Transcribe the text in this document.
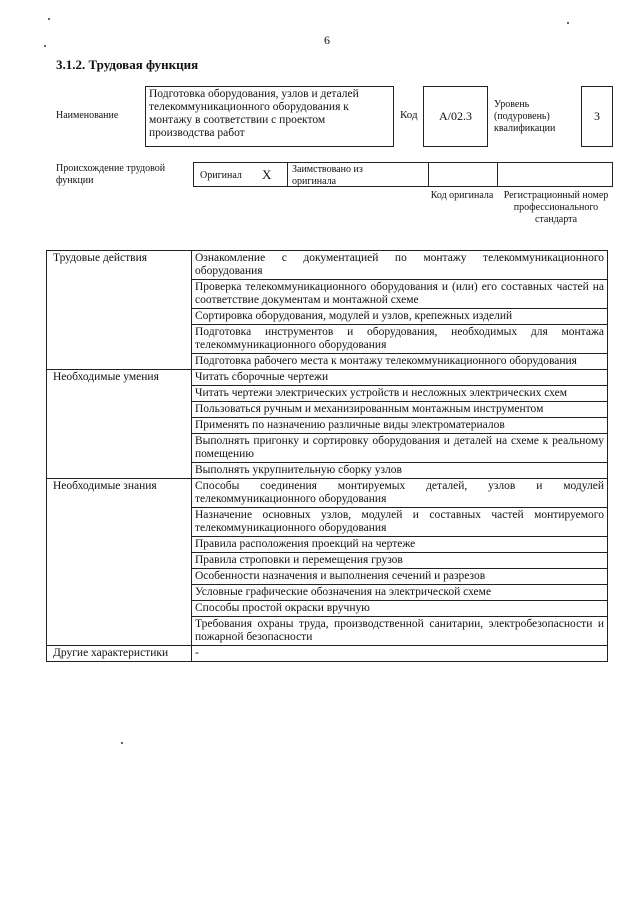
6
3.1.2. Трудовая функция
Наименование
Подготовка оборудования, узлов и деталей телекоммуникационного оборудования к монтажу в соответствии с проектом производства работ
Код	A/02.3
Уровень (подуровень) квалификации
3
Происхождение трудовой функции	Оригинал X	Заимствовано из оригинала
Код оригинала Регистрационный номер профессионального стандарта
Трудовые действия	Ознакомление с документацией по монтажу телекоммуникационного оборудования
	Проверка телекоммуникационного оборудования и (или) его составных частей на соответствие документам и монтажной схеме
	Сортировка оборудования, модулей и узлов, крепежных изделий
	Подготовка инструментов и оборудования, необходимых для монтажа телекоммуникационного оборудования
	Подготовка рабочего места к монтажу телекоммуникационного оборудования
Необходимые умения	Читать сборочные чертежи
	Читать чертежи электрических устройств и несложных электрических схем
	Пользоваться ручным и механизированным монтажным инструментом
	Применять по назначению различные виды электроматериалов
	Выполнять пригонку и сортировку оборудования и деталей на схеме к реальному помещению
	Выполнять укрупнительную сборку узлов
Необходимые знания	Способы соединения монтируемых деталей, узлов и модулей телекоммуникационного оборудования
	Назначение основных узлов, модулей и составных частей монтируемого телекоммуникационного оборудования
	Правила расположения проекций на чертеже
	Правила строповки и перемещения грузов
	Особенности назначения и выполнения сечений и разрезов
	Условные графические обозначения на электрической схеме
	Способы простой окраски вручную
	Требования охраны труда, производственной санитарии, электробезопасности и пожарной безопасности
Другие характеристики	-
